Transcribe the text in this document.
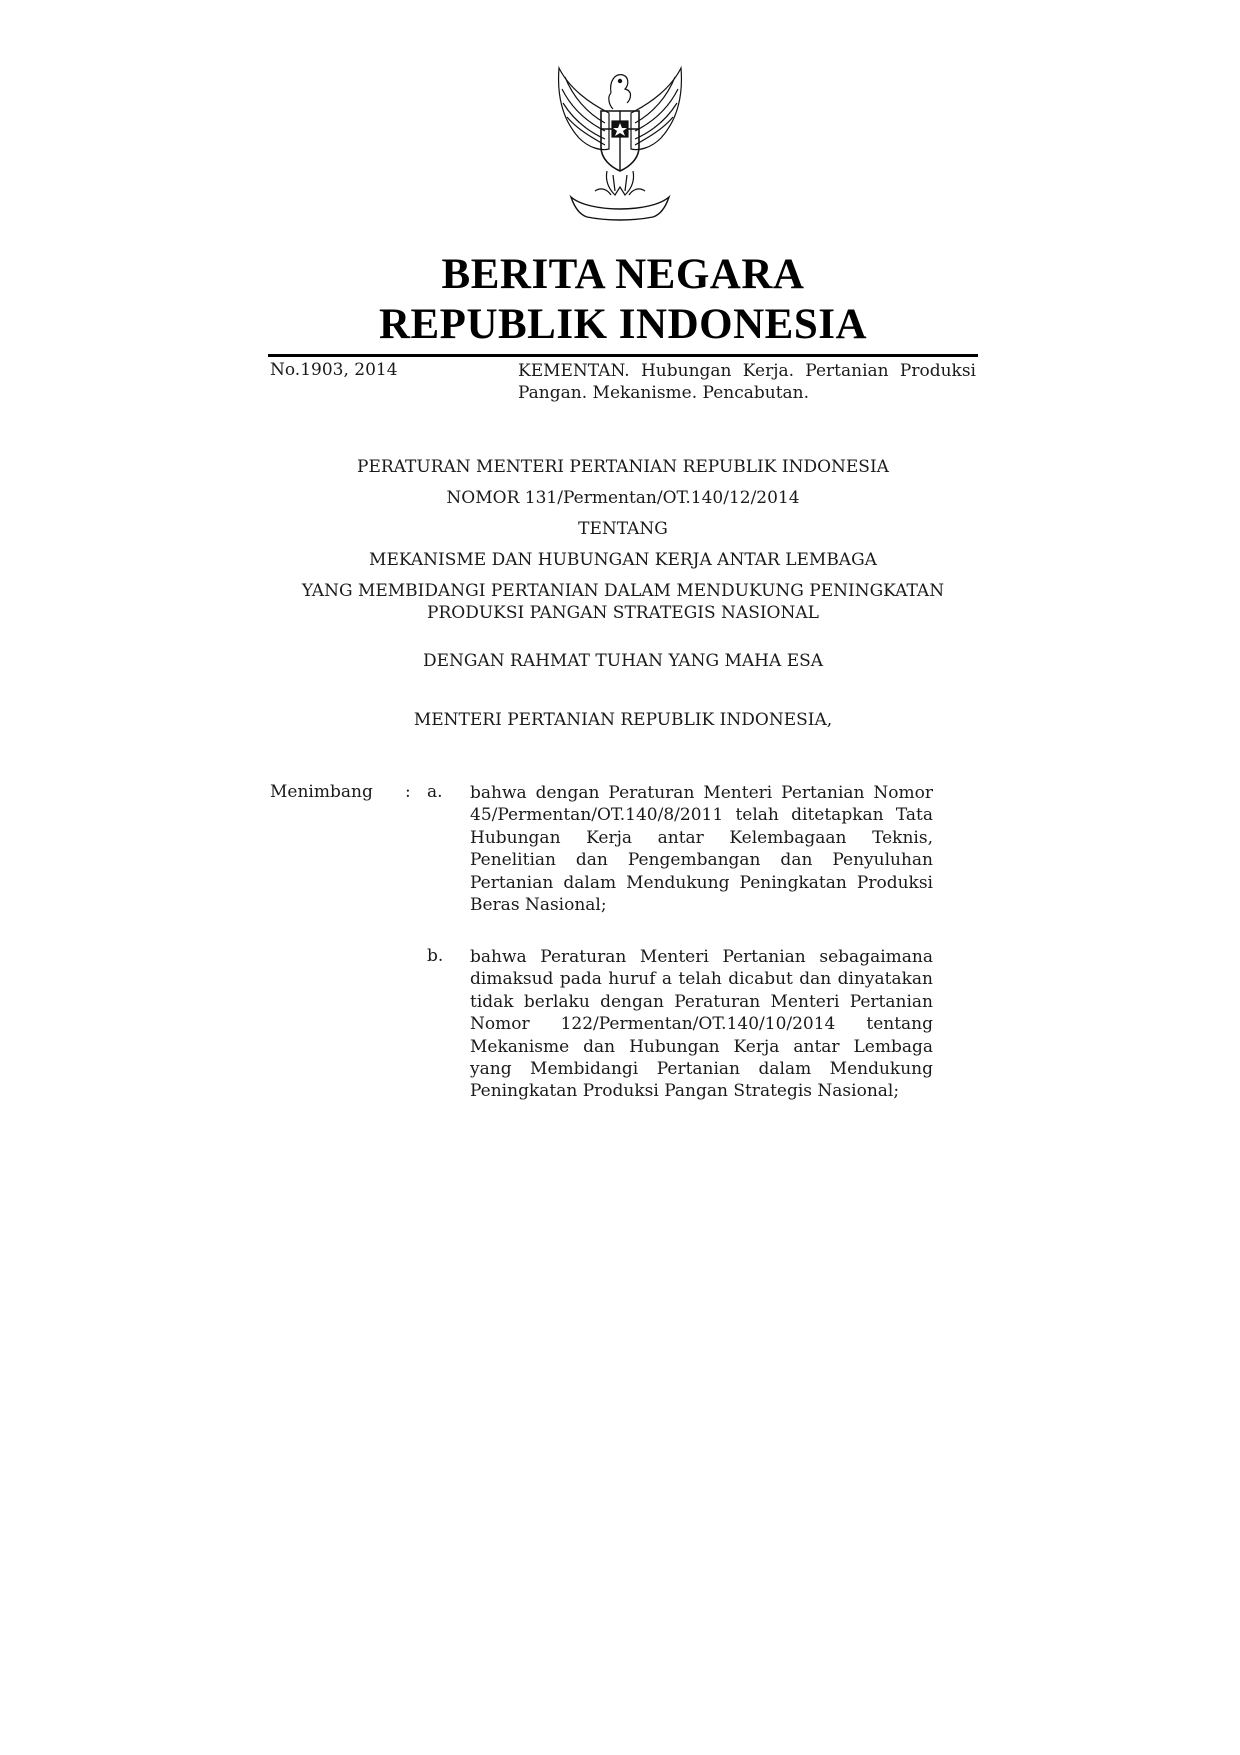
BERITA NEGARA
REPUBLIK INDONESIA
No.1903, 2014	KEMENTAN. Hubungan Kerja. Pertanian Produksi Pangan. Mekanisme. Pencabutan.
PERATURAN MENTERI PERTANIAN REPUBLIK INDONESIA
NOMOR 131/Permentan/OT.140/12/2014
TENTANG
MEKANISME DAN HUBUNGAN KERJA ANTAR LEMBAGA
YANG MEMBIDANGI PERTANIAN DALAM MENDUKUNG PENINGKATAN
PRODUKSI PANGAN STRATEGIS NASIONAL
DENGAN RAHMAT TUHAN YANG MAHA ESA
MENTERI PERTANIAN REPUBLIK INDONESIA,
Menimbang : a. bahwa dengan Peraturan Menteri Pertanian Nomor 45/Permentan/OT.140/8/2011 telah ditetapkan Tata Hubungan Kerja antar Kelembagaan Teknis, Penelitian dan Pengembangan dan Penyuluhan Pertanian dalam Mendukung Peningkatan Produksi Beras Nasional;
b. bahwa Peraturan Menteri Pertanian sebagaimana dimaksud pada huruf a telah dicabut dan dinyatakan tidak berlaku dengan Peraturan Menteri Pertanian Nomor 122/Permentan/OT.140/10/2014 tentang Mekanisme dan Hubungan Kerja antar Lembaga yang Membidangi Pertanian dalam Mendukung Peningkatan Produksi Pangan Strategis Nasional;
